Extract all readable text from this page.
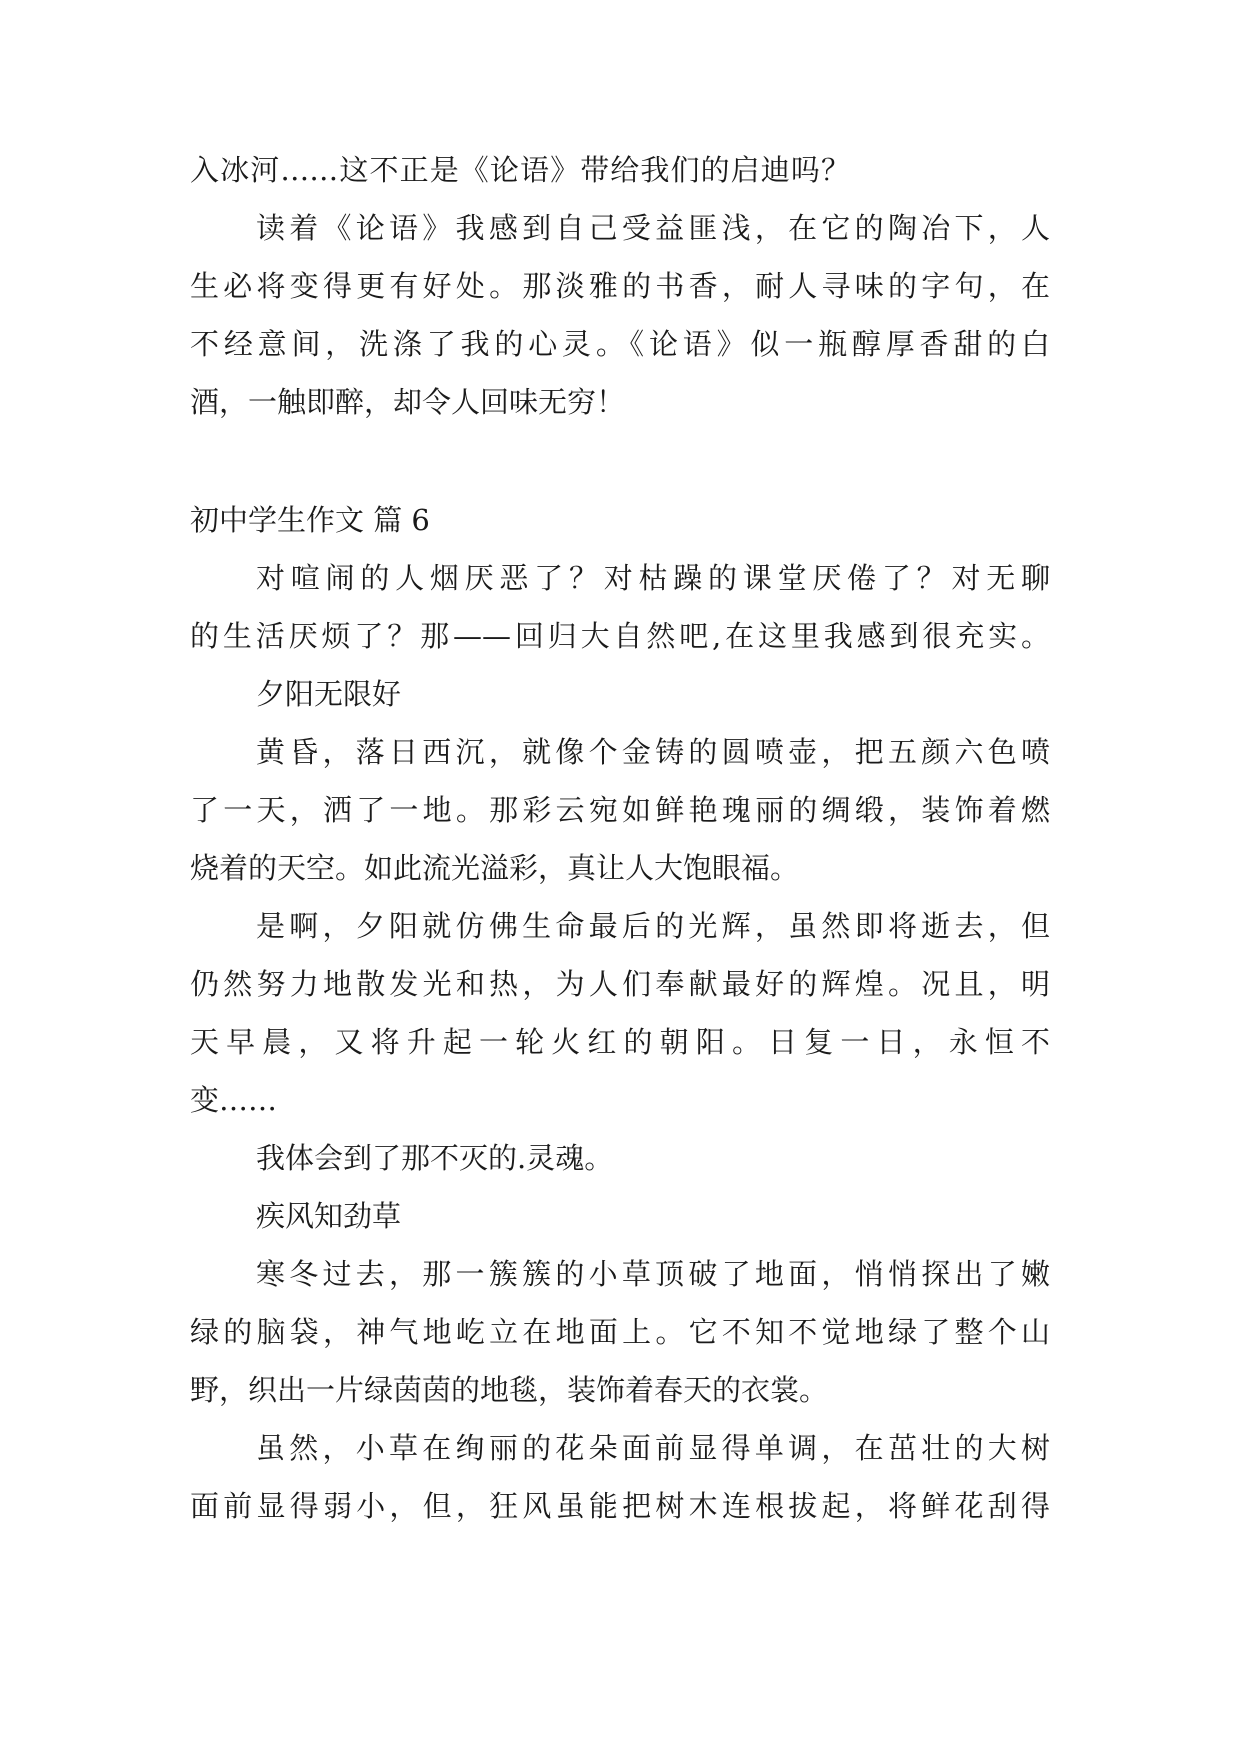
入冰河……这不正是《论语》带给我们的启迪吗？

读着《论语》我感到自己受益匪浅，在它的陶冶下，人

生必将变得更有好处。那淡雅的书香，耐人寻味的字句，在

不经意间，洗涤了我的心灵。《论语》似一瓶醇厚香甜的白

酒，一触即醉，却令人回味无穷！

初中学生作文 篇 6

对喧闹的人烟厌恶了？对枯躁的课堂厌倦了？对无聊

的生活厌烦了？那——回归大自然吧,在这里我感到很充实。

夕阳无限好

黄昏，落日西沉，就像个金铸的圆喷壶，把五颜六色喷

了一天，洒了一地。那彩云宛如鲜艳瑰丽的绸缎，装饰着燃

烧着的天空。如此流光溢彩，真让人大饱眼福。

是啊，夕阳就仿佛生命最后的光辉，虽然即将逝去，但

仍然努力地散发光和热，为人们奉献最好的辉煌。况且，明

天早晨，又将升起一轮火红的朝阳。日复一日，永恒不

变……

我体会到了那不灭的.灵魂。

疾风知劲草

寒冬过去，那一簇簇的小草顶破了地面，悄悄探出了嫩

绿的脑袋，神气地屹立在地面上。它不知不觉地绿了整个山

野，织出一片绿茵茵的地毯，装饰着春天的衣裳。

虽然，小草在绚丽的花朵面前显得单调，在茁壮的大树

面前显得弱小，但，狂风虽能把树木连根拔起，将鲜花刮得
